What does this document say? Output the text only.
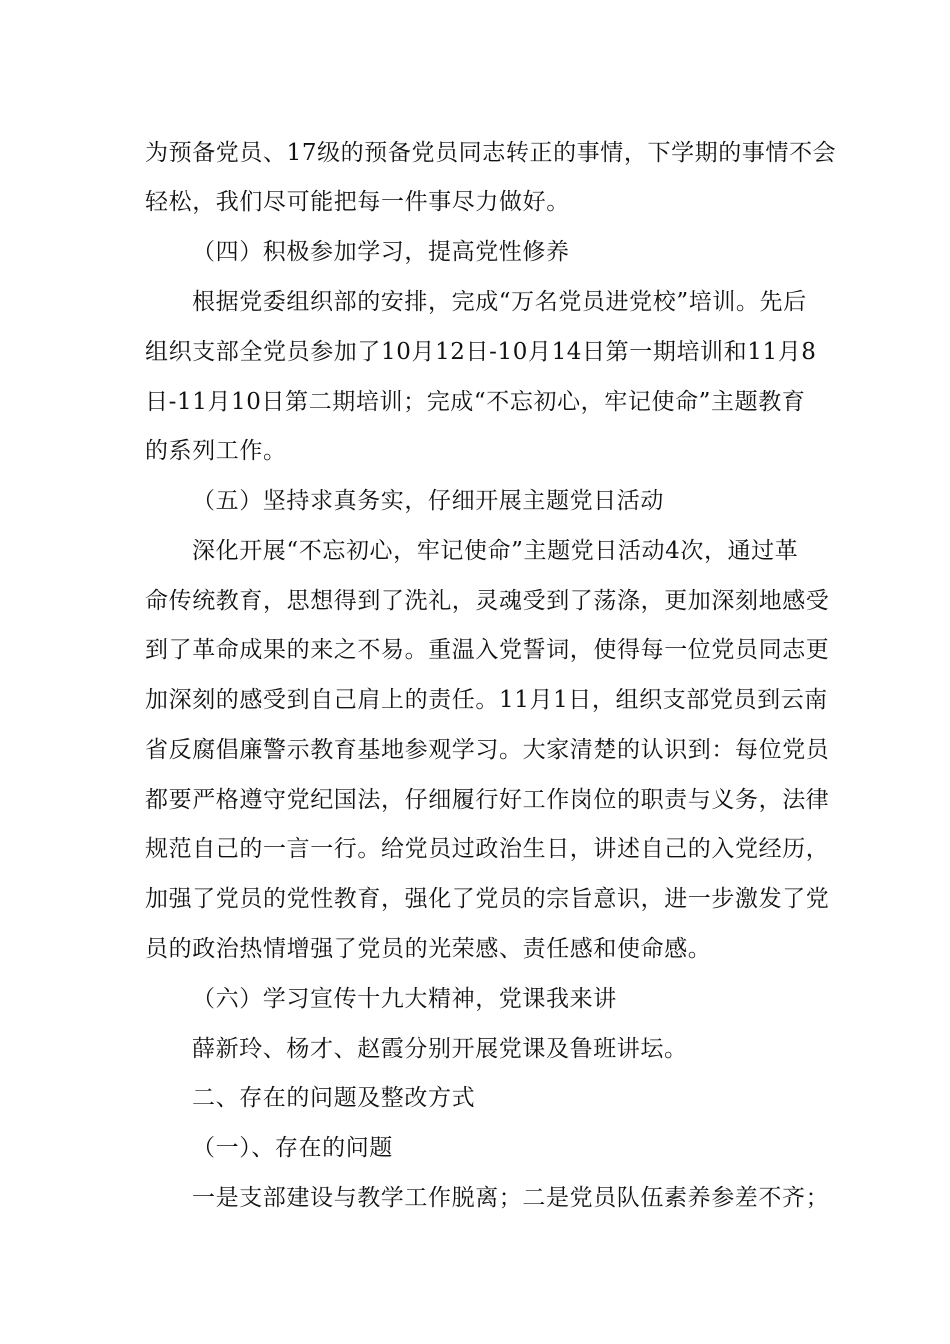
为预备党员、17级的预备党员同志转正的事情，下学期的事情不会
轻松，我们尽可能把每一件事尽力做好。
（四）积极参加学习，提高党性修养
根据党委组织部的安排，完成“万名党员进党校”培训。先后
组织支部全党员参加了10月12日-10月14日第一期培训和11月8
日-11月10日第二期培训；完成“不忘初心，牢记使命”主题教育
的系列工作。
（五）坚持求真务实，仔细开展主题党日活动
深化开展“不忘初心，牢记使命”主题党日活动4次，通过革
命传统教育，思想得到了洗礼，灵魂受到了荡涤，更加深刻地感受
到了革命成果的来之不易。重温入党誓词，使得每一位党员同志更
加深刻的感受到自己肩上的责任。11月1日，组织支部党员到云南
省反腐倡廉警示教育基地参观学习。大家清楚的认识到：每位党员
都要严格遵守党纪国法，仔细履行好工作岗位的职责与义务，法律
规范自己的一言一行。给党员过政治生日，讲述自己的入党经历，
加强了党员的党性教育，强化了党员的宗旨意识，进一步激发了党
员的政治热情增强了党员的光荣感、责任感和使命感。
（六）学习宣传十九大精神，党课我来讲
薛新玲、杨才、赵霞分别开展党课及鲁班讲坛。
二、存在的问题及整改方式
（一）、存在的问题
一是支部建设与教学工作脱离；二是党员队伍素养参差不齐；
